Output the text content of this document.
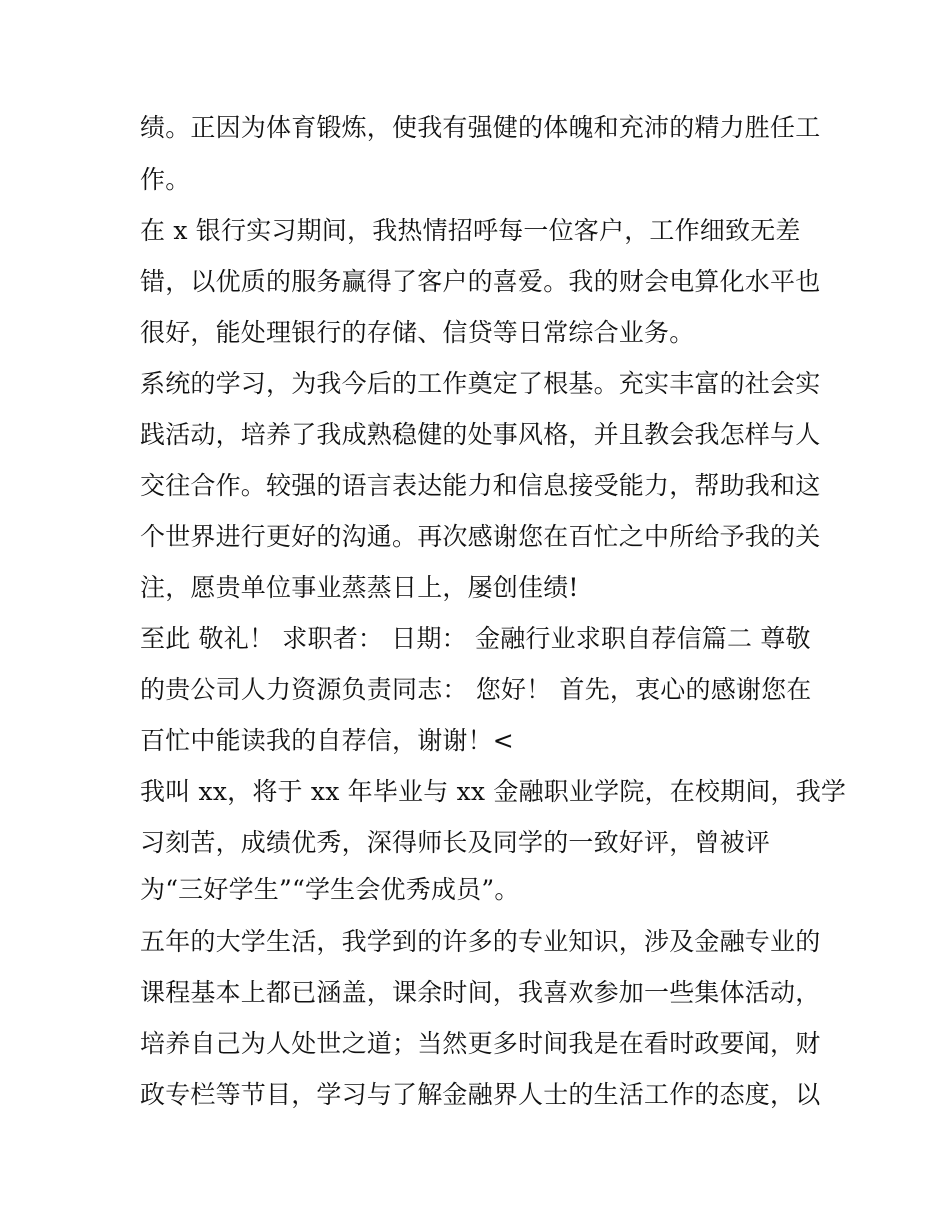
绩。正因为体育锻炼，使我有强健的体魄和充沛的精力胜任工
作。
在 x 银行实习期间，我热情招呼每一位客户，工作细致无差
错，以优质的服务赢得了客户的喜爱。我的财会电算化水平也
很好，能处理银行的存储、信贷等日常综合业务。
系统的学习，为我今后的工作奠定了根基。充实丰富的社会实
践活动，培养了我成熟稳健的处事风格，并且教会我怎样与人
交往合作。较强的语言表达能力和信息接受能力，帮助我和这
个世界进行更好的沟通。再次感谢您在百忙之中所给予我的关
注，愿贵单位事业蒸蒸日上，屡创佳绩!
至此 敬礼！ 求职者： 日期： 金融行业求职自荐信篇二 尊敬
的贵公司人力资源负责同志： 您好！ 首先，衷心的感谢您在
百忙中能读我的自荐信，谢谢！<
我叫 xx，将于 xx 年毕业与 xx 金融职业学院，在校期间，我学
习刻苦，成绩优秀，深得师长及同学的一致好评，曾被评
为“三好学生”“学生会优秀成员”。
五年的大学生活，我学到的许多的专业知识，涉及金融专业的
课程基本上都已涵盖，课余时间，我喜欢参加一些集体活动，
培养自己为人处世之道；当然更多时间我是在看时政要闻，财
政专栏等节目，学习与了解金融界人士的生活工作的态度，以
